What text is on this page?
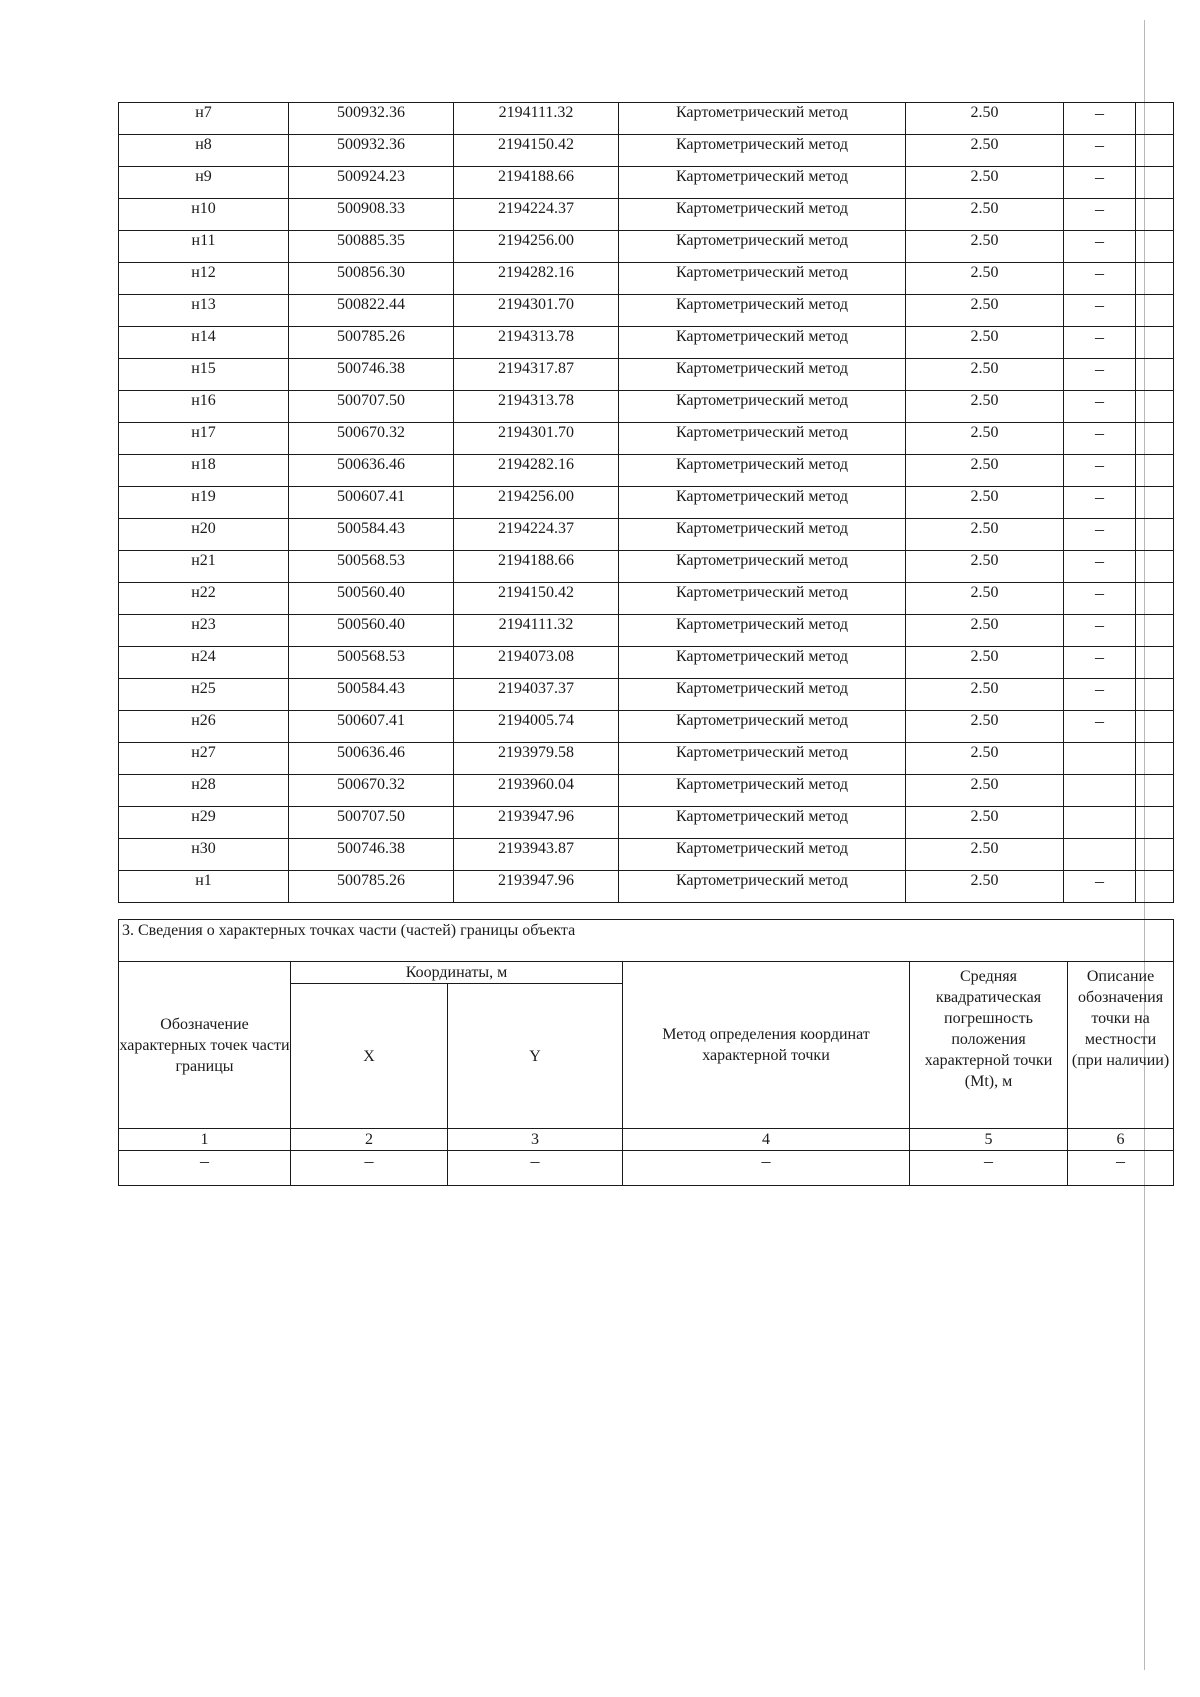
н7	500932.36	2194111.32	Картометрический метод	2.50	–	
н8	500932.36	2194150.42	Картометрический метод	2.50	–	
н9	500924.23	2194188.66	Картометрический метод	2.50	–	
н10	500908.33	2194224.37	Картометрический метод	2.50	–	
н11	500885.35	2194256.00	Картометрический метод	2.50	–	
н12	500856.30	2194282.16	Картометрический метод	2.50	–	
н13	500822.44	2194301.70	Картометрический метод	2.50	–	
н14	500785.26	2194313.78	Картометрический метод	2.50	–	
н15	500746.38	2194317.87	Картометрический метод	2.50	–	
н16	500707.50	2194313.78	Картометрический метод	2.50	–	
н17	500670.32	2194301.70	Картометрический метод	2.50	–	
н18	500636.46	2194282.16	Картометрический метод	2.50	–	
н19	500607.41	2194256.00	Картометрический метод	2.50	–	
н20	500584.43	2194224.37	Картометрический метод	2.50	–	
н21	500568.53	2194188.66	Картометрический метод	2.50	–	
н22	500560.40	2194150.42	Картометрический метод	2.50	–	
н23	500560.40	2194111.32	Картометрический метод	2.50	–	
н24	500568.53	2194073.08	Картометрический метод	2.50	–	
н25	500584.43	2194037.37	Картометрический метод	2.50	–	
н26	500607.41	2194005.74	Картометрический метод	2.50	–	
н27	500636.46	2193979.58	Картометрический метод	2.50		
н28	500670.32	2193960.04	Картометрический метод	2.50		
н29	500707.50	2193947.96	Картометрический метод	2.50		
н30	500746.38	2193943.87	Картометрический метод	2.50		
н1	500785.26	2193947.96	Картометрический метод	2.50	–	
3. Сведения о характерных точках части (частей) границы объекта					
Обозначение характерных точек части границы	Координаты, м		Метод определения координат характерной точки	Средняя квадратическая погрешность положения характерной точки (Mt), м	Описание обозначения точки на местности (при наличии)
	X	Y			
1	2	3	4	5	6
–	–	–	–	–	–
